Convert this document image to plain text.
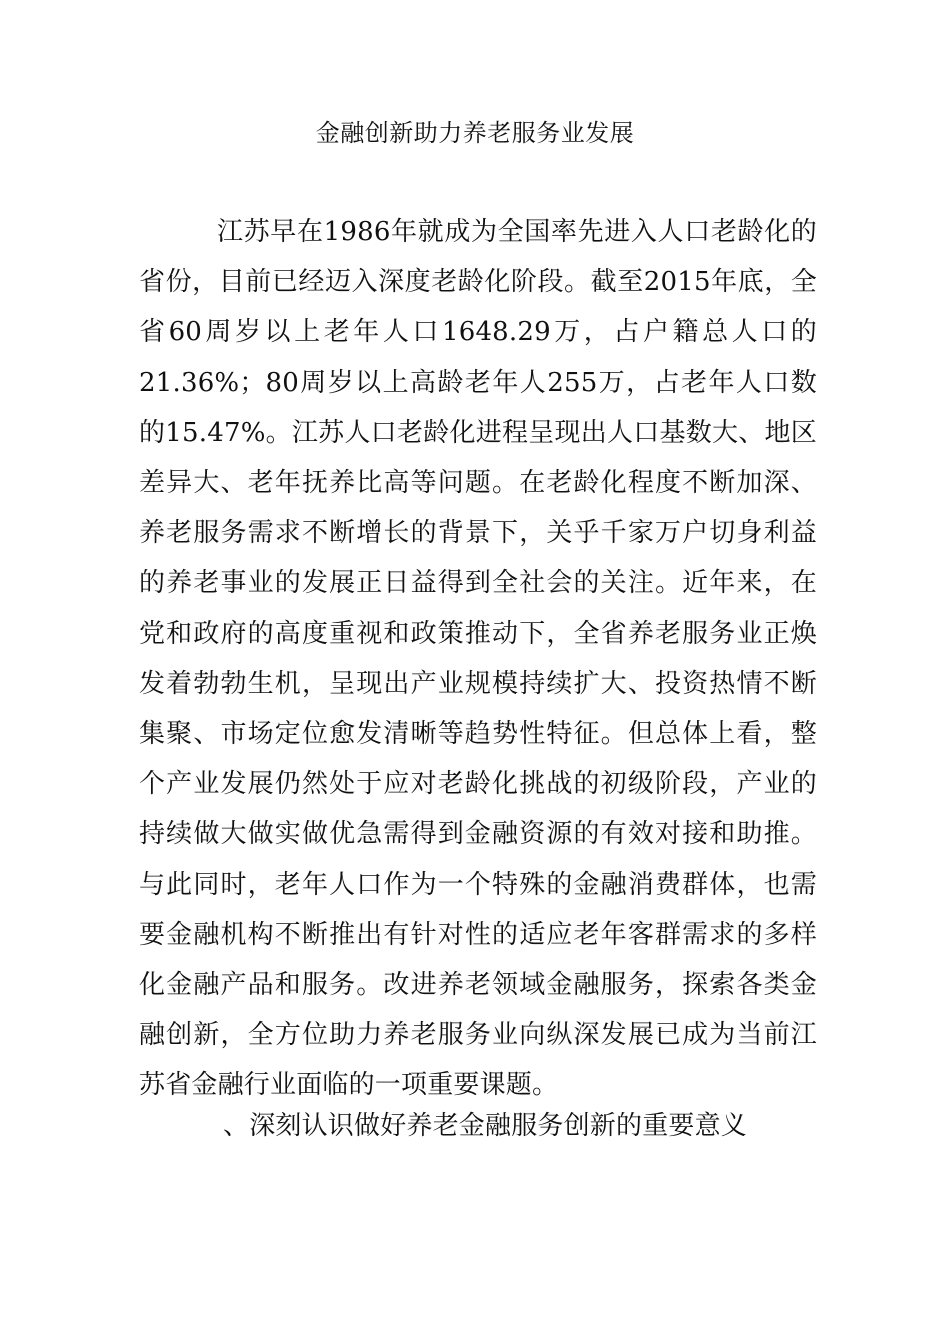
金融创新助力养老服务业发展

江苏早在1986年就成为全国率先进入人口老龄化的省份，目前已经迈入深度老龄化阶段。截至2015年底，全省60周岁以上老年人口1648.29万，占户籍总人口的21.36%；80周岁以上高龄老年人255万，占老年人口数的15.47%。江苏人口老龄化进程呈现出人口基数大、地区差异大、老年抚养比高等问题。在老龄化程度不断加深、养老服务需求不断增长的背景下，关乎千家万户切身利益的养老事业的发展正日益得到全社会的关注。近年来，在党和政府的高度重视和政策推动下，全省养老服务业正焕发着勃勃生机，呈现出产业规模持续扩大、投资热情不断集聚、市场定位愈发清晰等趋势性特征。但总体上看，整个产业发展仍然处于应对老龄化挑战的初级阶段，产业的持续做大做实做优急需得到金融资源的有效对接和助推。与此同时，老年人口作为一个特殊的金融消费群体，也需要金融机构不断推出有针对性的适应老年客群需求的多样化金融产品和服务。改进养老领域金融服务，探索各类金融创新，全方位助力养老服务业向纵深发展已成为当前江苏省金融行业面临的一项重要课题。

、深刻认识做好养老金融服务创新的重要意义
